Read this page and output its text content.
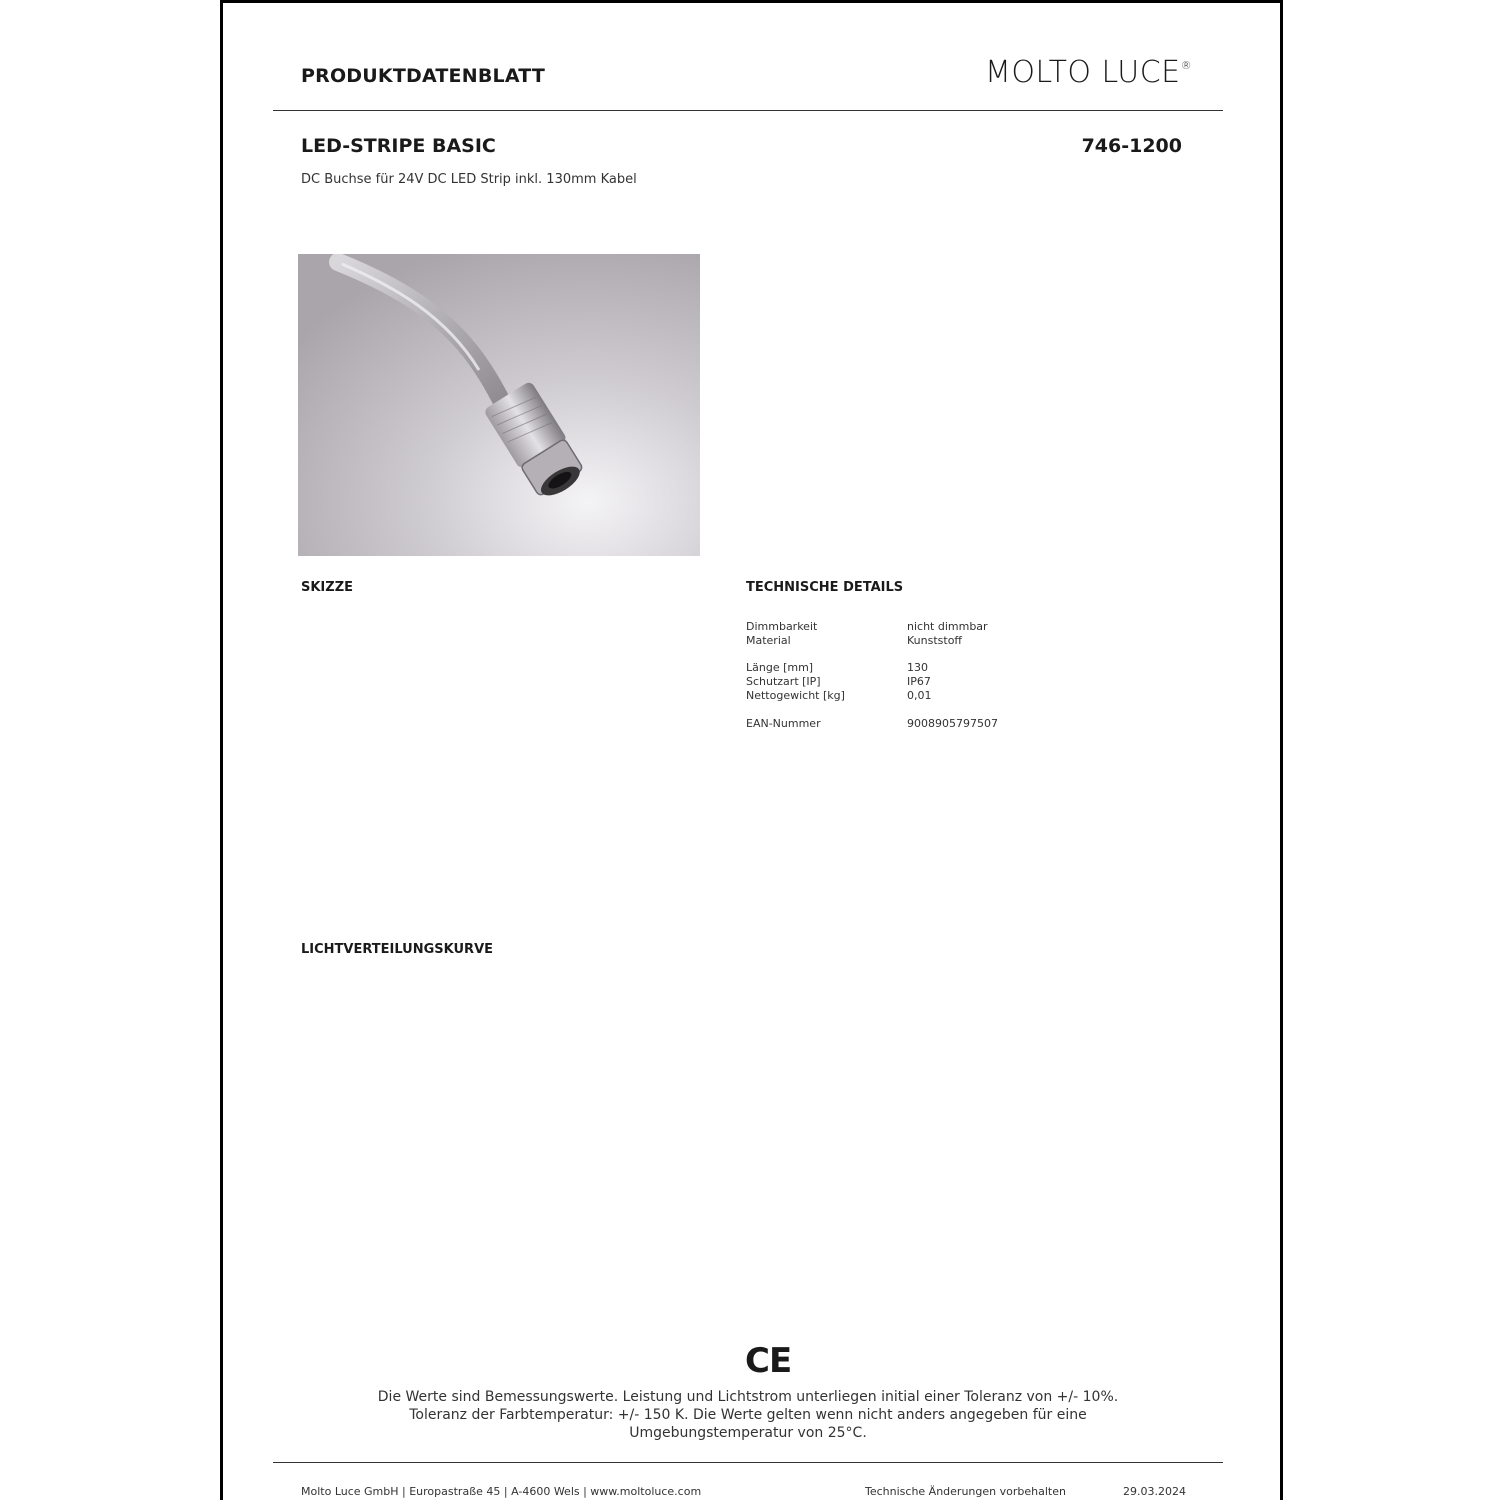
PRODUKTDATENBLATT	MOLTO LUCE®
LED-STRIPE BASIC	746-1200
DC Buchse für 24V DC LED Strip inkl. 130mm Kabel
SKIZZE	TECHNISCHE DETAILS
Dimmbarkeit	nicht dimmbar
Material	Kunststoff
Länge [mm]	130
Schutzart [IP]	IP67
Nettogewicht [kg]	0,01
EAN-Nummer	9008905797507
LICHTVERTEILUNGSKURVE
CE
Die Werte sind Bemessungswerte. Leistung und Lichtstrom unterliegen initial einer Toleranz von +/- 10%.
Toleranz der Farbtemperatur: +/- 150 K. Die Werte gelten wenn nicht anders angegeben für eine
Umgebungstemperatur von 25°C.
Molto Luce GmbH | Europastraße 45 | A-4600 Wels | www.moltoluce.com	Technische Änderungen vorbehalten	29.03.2024
